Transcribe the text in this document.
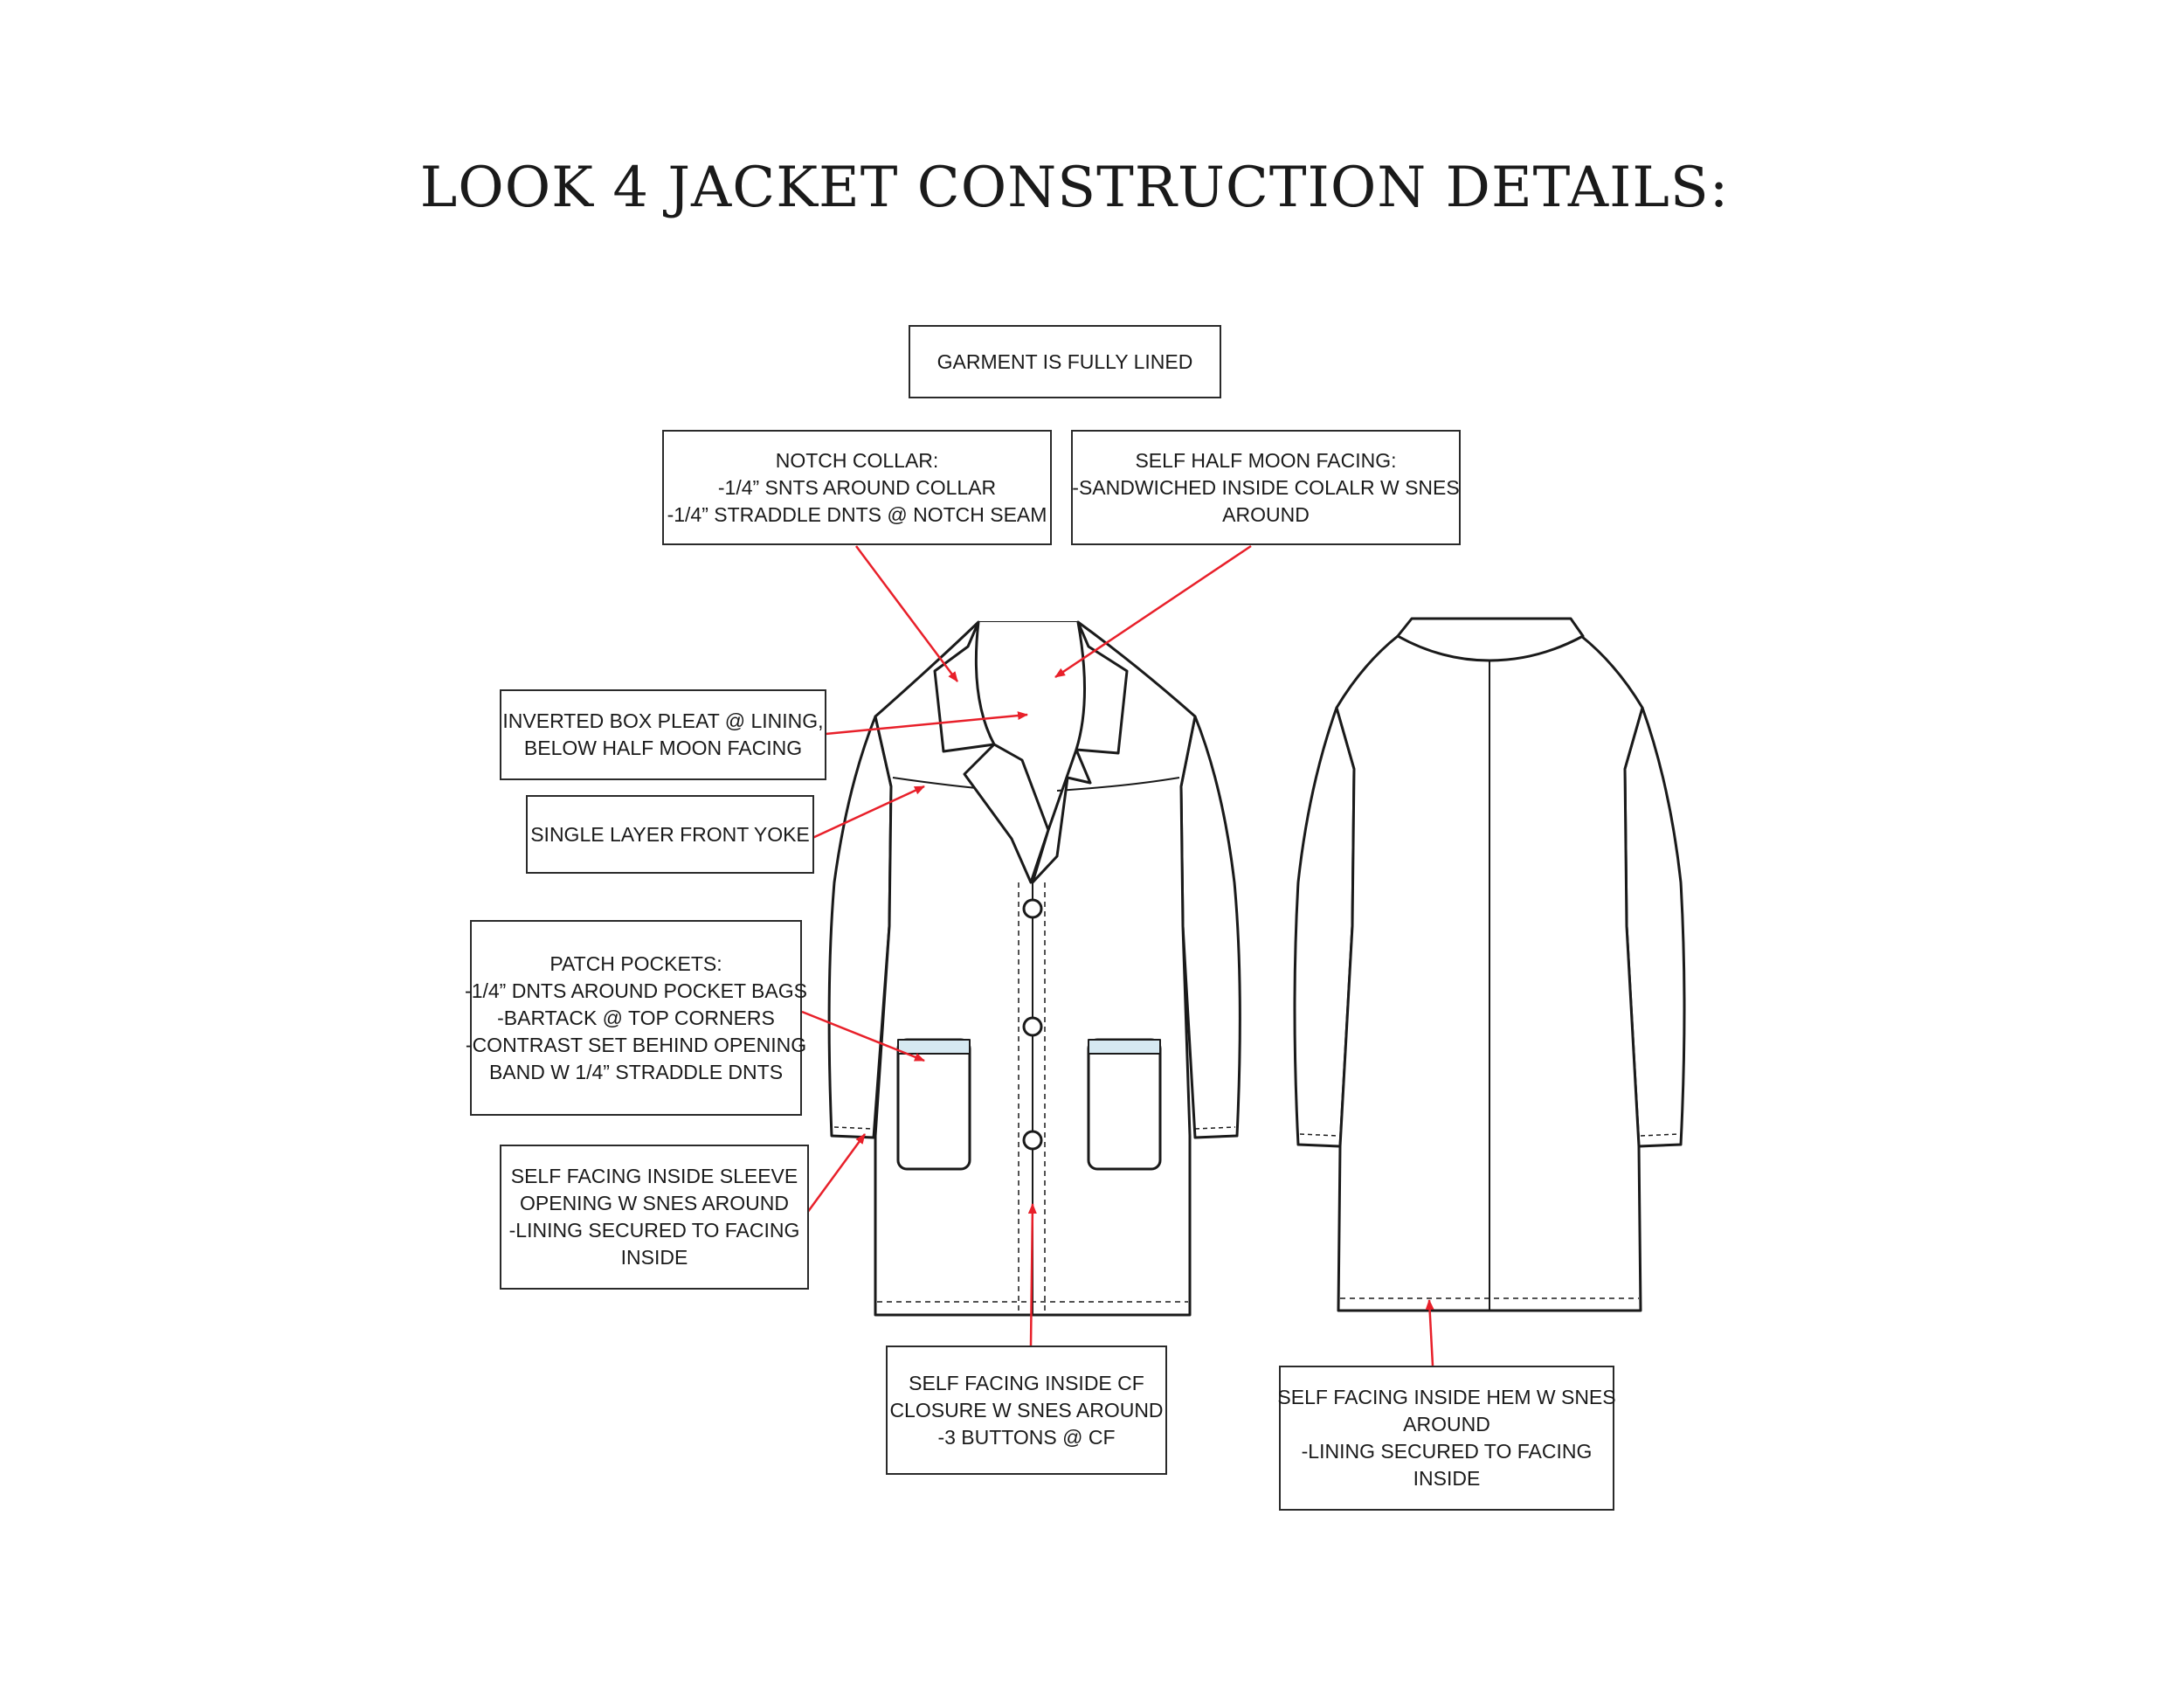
LOOK 4 JACKET CONSTRUCTION DETAILS:
GARMENT IS FULLY LINED
NOTCH COLLAR:
-1/4” SNTS AROUND COLLAR
-1/4” STRADDLE DNTS @ NOTCH SEAM
SELF HALF MOON FACING:
-SANDWICHED INSIDE COLALR W SNES
AROUND
INVERTED BOX PLEAT @ LINING,
BELOW HALF MOON FACING
SINGLE LAYER FRONT YOKE
PATCH POCKETS:
-1/4” DNTS AROUND POCKET BAGS
-BARTACK @ TOP CORNERS
-CONTRAST SET BEHIND OPENING
BAND W 1/4” STRADDLE DNTS
SELF FACING INSIDE SLEEVE
OPENING W SNES AROUND
-LINING SECURED TO FACING
INSIDE
SELF FACING INSIDE CF
CLOSURE W SNES AROUND
-3 BUTTONS @ CF
SELF FACING INSIDE HEM W SNES
AROUND
-LINING SECURED TO FACING
INSIDE
